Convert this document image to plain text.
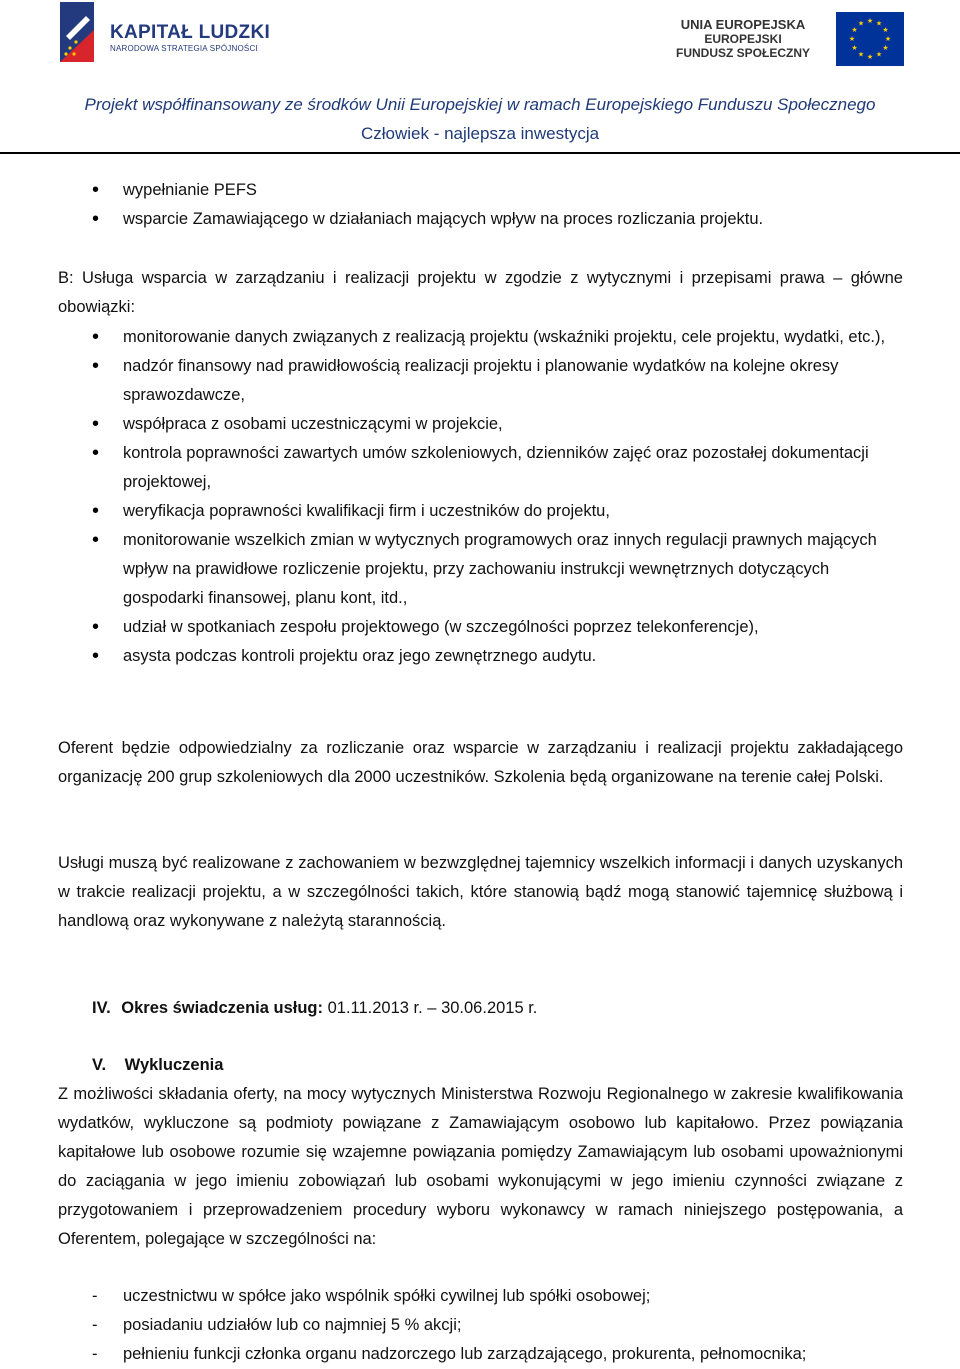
KAPITAŁ LUDZKI
NARODOWA STRATEGIA SPÓJNOŚCI
UNIA EUROPEJSKA
EUROPEJSKI
FUNDUSZ SPOŁECZNY
★ ★
★
★
★
★
★
★
★
★
★
★
Projekt współfinansowany ze środków Unii Europejskiej w ramach Europejskiego Funduszu Społecznego
Człowiek - najlepsza inwestycja
• wypełnianie PEFS
• wsparcie Zamawiającego w działaniach mających wpływ na proces rozliczania projektu.
B: Usługa wsparcia w zarządzaniu i realizacji projektu w zgodzie z wytycznymi i przepisami prawa – główne obowiązki:
• monitorowanie danych związanych z realizacją projektu (wskaźniki projektu, cele projektu, wydatki, etc.),
• nadzór finansowy nad prawidłowością realizacji projektu i planowanie wydatków na kolejne okresy sprawozdawcze,
• współpraca z osobami uczestniczącymi w projekcie,
• kontrola poprawności zawartych umów szkoleniowych, dzienników zajęć oraz pozostałej dokumentacji projektowej,
• weryfikacja poprawności kwalifikacji firm i uczestników do projektu,
• monitorowanie wszelkich zmian w wytycznych programowych oraz innych regulacji prawnych mających wpływ na prawidłowe rozliczenie projektu, przy zachowaniu instrukcji wewnętrznych dotyczących gospodarki finansowej, planu kont, itd.,
• udział w spotkaniach zespołu projektowego (w szczególności poprzez telekonferencje),
• asysta podczas kontroli projektu oraz jego zewnętrznego audytu.
Oferent będzie odpowiedzialny za rozliczanie oraz wsparcie w zarządzaniu i realizacji projektu zakładającego organizację 200 grup szkoleniowych dla 2000 uczestników. Szkolenia będą organizowane na terenie całej Polski.
Usługi muszą być realizowane z zachowaniem w bezwzględnej tajemnicy wszelkich informacji i danych uzyskanych w trakcie realizacji projektu, a w szczególności takich, które stanowią bądź mogą stanowić tajemnicę służbową i handlową oraz wykonywane z należytą starannością.
IV. Okres świadczenia usług: 01.11.2013 r. – 30.06.2015 r.
V. Wykluczenia
Z możliwości składania oferty, na mocy wytycznych Ministerstwa Rozwoju Regionalnego w zakresie kwalifikowania wydatków, wykluczone są podmioty powiązane z Zamawiającym osobowo lub kapitałowo. Przez powiązania kapitałowe lub osobowe rozumie się wzajemne powiązania pomiędzy Zamawiającym lub osobami upoważnionymi do zaciągania w jego imieniu zobowiązań lub osobami wykonującymi w jego imieniu czynności związane z przygotowaniem i przeprowadzeniem procedury wyboru wykonawcy w ramach niniejszego postępowania, a Oferentem, polegające w szczególności na:
- uczestnictwu w spółce jako wspólnik spółki cywilnej lub spółki osobowej;
- posiadaniu udziałów lub co najmniej 5 % akcji;
- pełnieniu funkcji członka organu nadzorczego lub zarządzającego, prokurenta, pełnomocnika;
